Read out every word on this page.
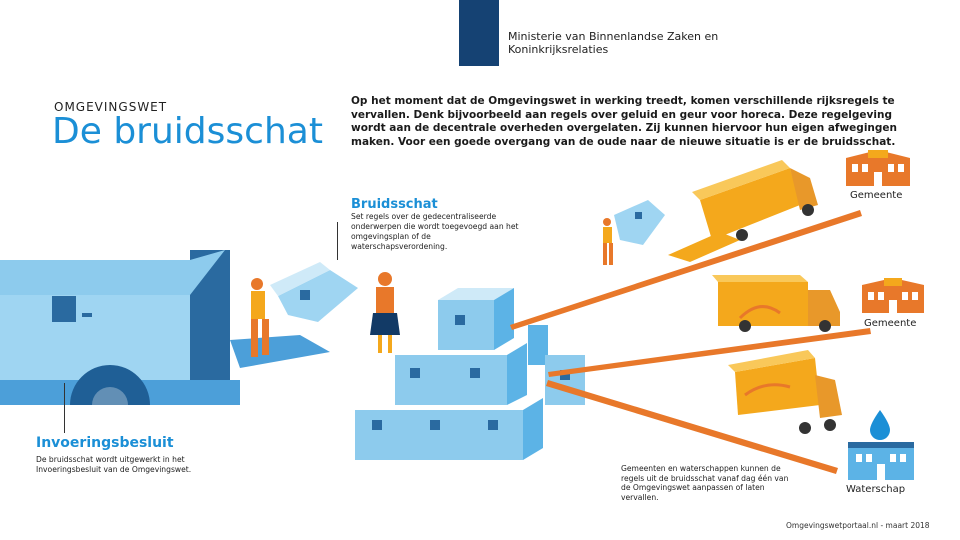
Ministerie van Binnenlandse Zaken en
Koninkrijksrelaties
OMGEVINGSWET
De bruidsschat
Op het moment dat de Omgevingswet in werking treedt, komen verschillende rijksregels te vervallen. Denk bijvoorbeeld aan regels over geluid en geur voor horeca. Deze regelgeving wordt aan de decentrale overheden overgelaten. Zij kunnen hiervoor hun eigen afwegingen maken. Voor een goede overgang van de oude naar de nieuwe situatie is er de bruidsschat.
Bruidsschat
Set regels over de gedecentraliseerde onderwerpen die wordt toegevoegd aan het omgevingsplan of de waterschapsverordening.
Invoeringsbesluit
De bruidsschat wordt uitgewerkt in het Invoeringsbesluit van de Omgevingswet.	Gemeenten en waterschappen kunnen de regels uit de bruidsschat vanaf dag één van de Omgevingswet aanpassen of laten vervallen.
Gemeente
Gemeente
Waterschap
Omgevingswetportaal.nl - maart 2018
